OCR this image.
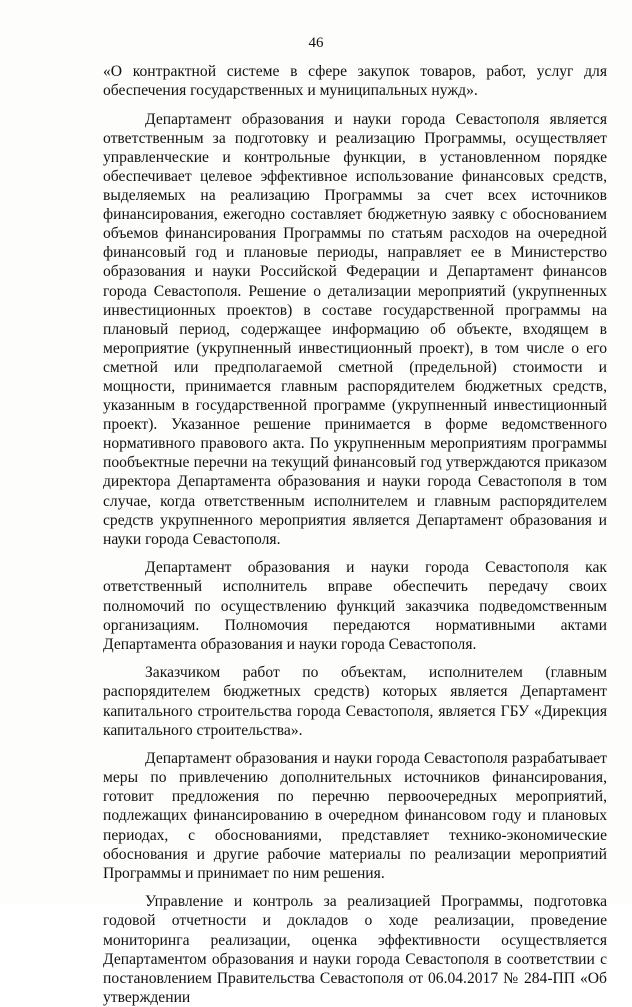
46

«О контрактной системе в сфере закупок товаров, работ, услуг для обеспечения государственных и муниципальных нужд».

Департамент образования и науки города Севастополя является ответственным за подготовку и реализацию Программы, осуществляет управленческие и контрольные функции, в установленном порядке обеспечивает целевое эффективное использование финансовых средств, выделяемых на реализацию Программы за счет всех источников финансирования, ежегодно составляет бюджетную заявку с обоснованием объемов финансирования Программы по статьям расходов на очередной финансовый год и плановые периоды, направляет ее в Министерство образования и науки Российской Федерации и Департамент финансов города Севастополя. Решение о детализации мероприятий (укрупненных инвестиционных проектов) в составе государственной программы на плановый период, содержащее информацию об объекте, входящем в мероприятие (укрупненный инвестиционный проект), в том числе о его сметной или предполагаемой сметной (предельной) стоимости и мощности, принимается главным распорядителем бюджетных средств, указанным в государственной программе (укрупненный инвестиционный проект). Указанное решение принимается в форме ведомственного нормативного правового акта. По укрупненным мероприятиям программы пообъектные перечни на текущий финансовый год утверждаются приказом директора Департамента образования и науки города Севастополя в том случае, когда ответственным исполнителем и главным распорядителем средств укрупненного мероприятия является Департамент образования и науки города Севастополя.

Департамент образования и науки города Севастополя как ответственный исполнитель вправе обеспечить передачу своих полномочий по осуществлению функций заказчика подведомственным организациям. Полномочия передаются нормативными актами Департамента образования и науки города Севастополя.

Заказчиком работ по объектам, исполнителем (главным распорядителем бюджетных средств) которых является Департамент капитального строительства города Севастополя, является ГБУ «Дирекция капитального строительства».

Департамент образования и науки города Севастополя разрабатывает меры по привлечению дополнительных источников финансирования, готовит предложения по перечню первоочередных мероприятий, подлежащих финансированию в очередном финансовом году и плановых периодах, с обоснованиями, представляет технико-экономические обоснования и другие рабочие материалы по реализации мероприятий Программы и принимает по ним решения.

Управление и контроль за реализацией Программы, подготовка годовой отчетности и докладов о ходе реализации, проведение мониторинга реализации, оценка эффективности осуществляется Департаментом образования и науки города Севастополя в соответствии с постановлением Правительства Севастополя от 06.04.2017 № 284-ПП «Об утверждении
